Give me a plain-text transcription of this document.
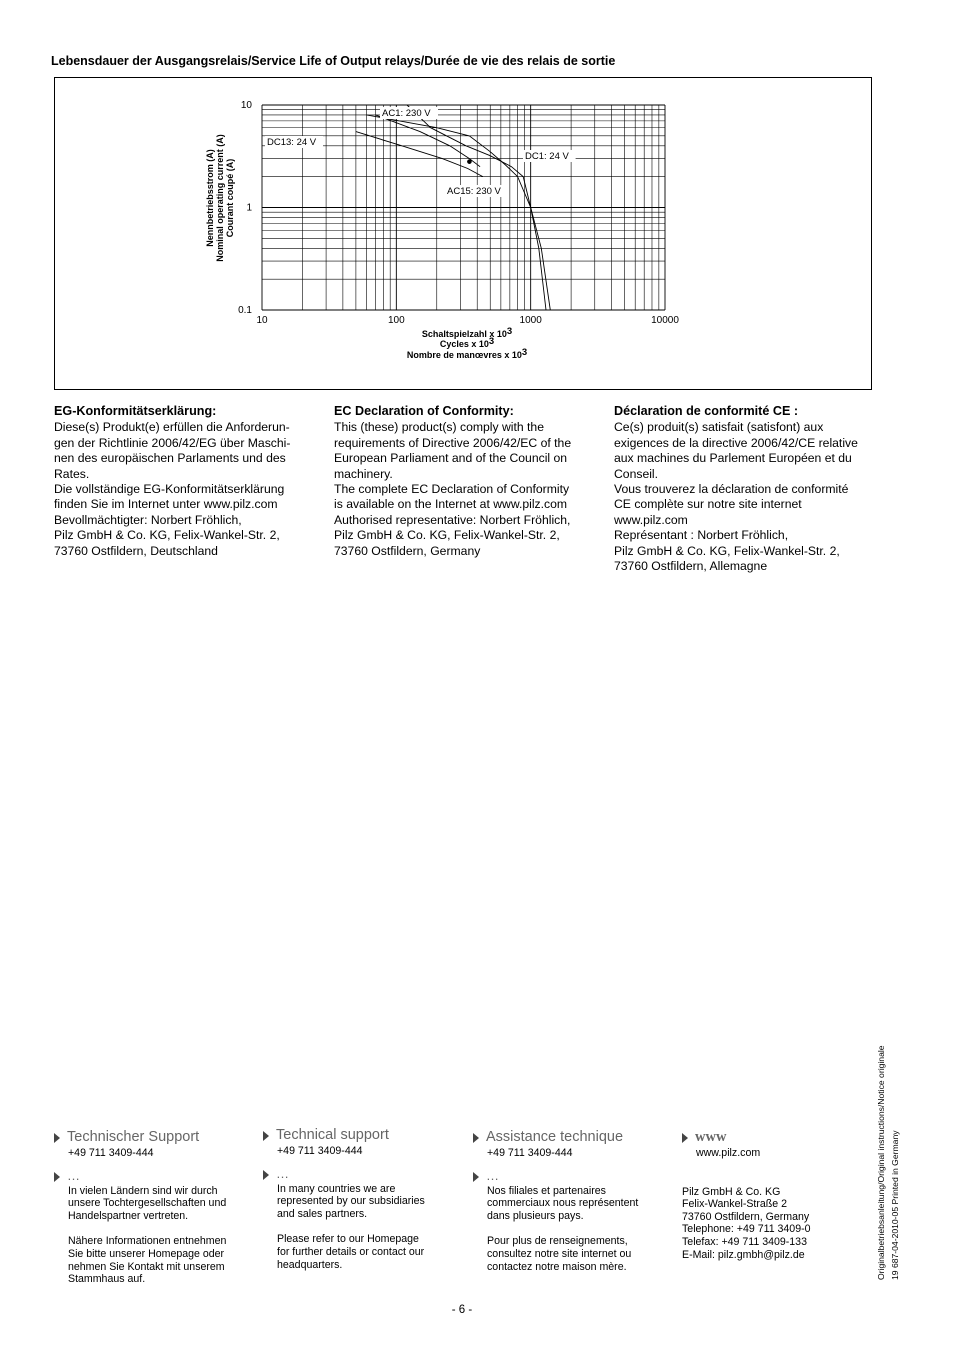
Lebensdauer der Ausgangsrelais/Service Life of Output relays/Durée de vie des relais de sortie
10	100	1000	10000
10
1
0.1
AC1: 230 V
DC1: 24 V
DC13: 24 V
AC15: 230 V
Nennbetriebsstrom (A) Nominal operating current (A) Courant coupé (A)
Schaltspielzahl x 103
Cycles x 103
Nombre de manœvres x 103
EG-Konformitätserklärung:

Diese(s) Produkt(e) erfüllen die Anforderun-

gen der Richtlinie 2006/42/EG über Maschi-

nen des europäischen Parlaments und des

Rates.

Die vollständige EG-Konformitätserklärung

finden Sie im Internet unter www.pilz.com

Bevollmächtigter: Norbert Fröhlich,

Pilz GmbH & Co. KG, Felix-Wankel-Str. 2,

73760 Ostfildern, Deutschland

EC Declaration of Conformity:

This (these) product(s) comply with the

requirements of Directive 2006/42/EC of the

European Parliament and of the Council on

machinery.

The complete EC Declaration of Conformity

is available on the Internet at www.pilz.com

Authorised representative: Norbert Fröhlich,

Pilz GmbH & Co. KG, Felix-Wankel-Str. 2,

73760 Ostfildern, Germany

Déclaration de conformité CE :

Ce(s) produit(s) satisfait (satisfont) aux

exigences de la directive 2006/42/CE relative

aux machines du Parlement Européen et du

Conseil.

Vous trouverez la déclaration de conformité

CE complète sur notre site internet

www.pilz.com

Représentant : Norbert Fröhlich,

Pilz GmbH & Co. KG, Felix-Wankel-Str. 2,

73760 Ostfildern, Allemagne

Technischer Support
+49 711 3409-444
…

In vielen Ländern sind wir durch

unsere Tochtergesellschaften und

Handelspartner vertreten.

Nähere Informationen entnehmen

Sie bitte unserer Homepage oder

nehmen Sie Kontakt mit unserem

Stammhaus auf.

Technical support
+49 711 3409-444
…

In many countries we are

represented by our subsidiaries

and sales partners.

Please refer to our Homepage

for further details or contact our

headquarters.

Assistance technique
+49 711 3409-444
…

Nos filiales et partenaires

commerciaux nous représentent

dans plusieurs pays.

Pour plus de renseignements,

consultez notre site internet ou

contactez notre maison mère.

www
www.pilz.com
Pilz GmbH & Co. KG
Felix-Wankel-Straße 2
73760 Ostfildern, Germany
Telephone: +49 711 3409-0
Telefax: +49 711 3409-133
E-Mail: pilz.gmbh@pilz.de	Originalbetriebsanleitung/Original instructions/Notice originale 19 687-04-2010-05 Printed in Germany
- 6 -
